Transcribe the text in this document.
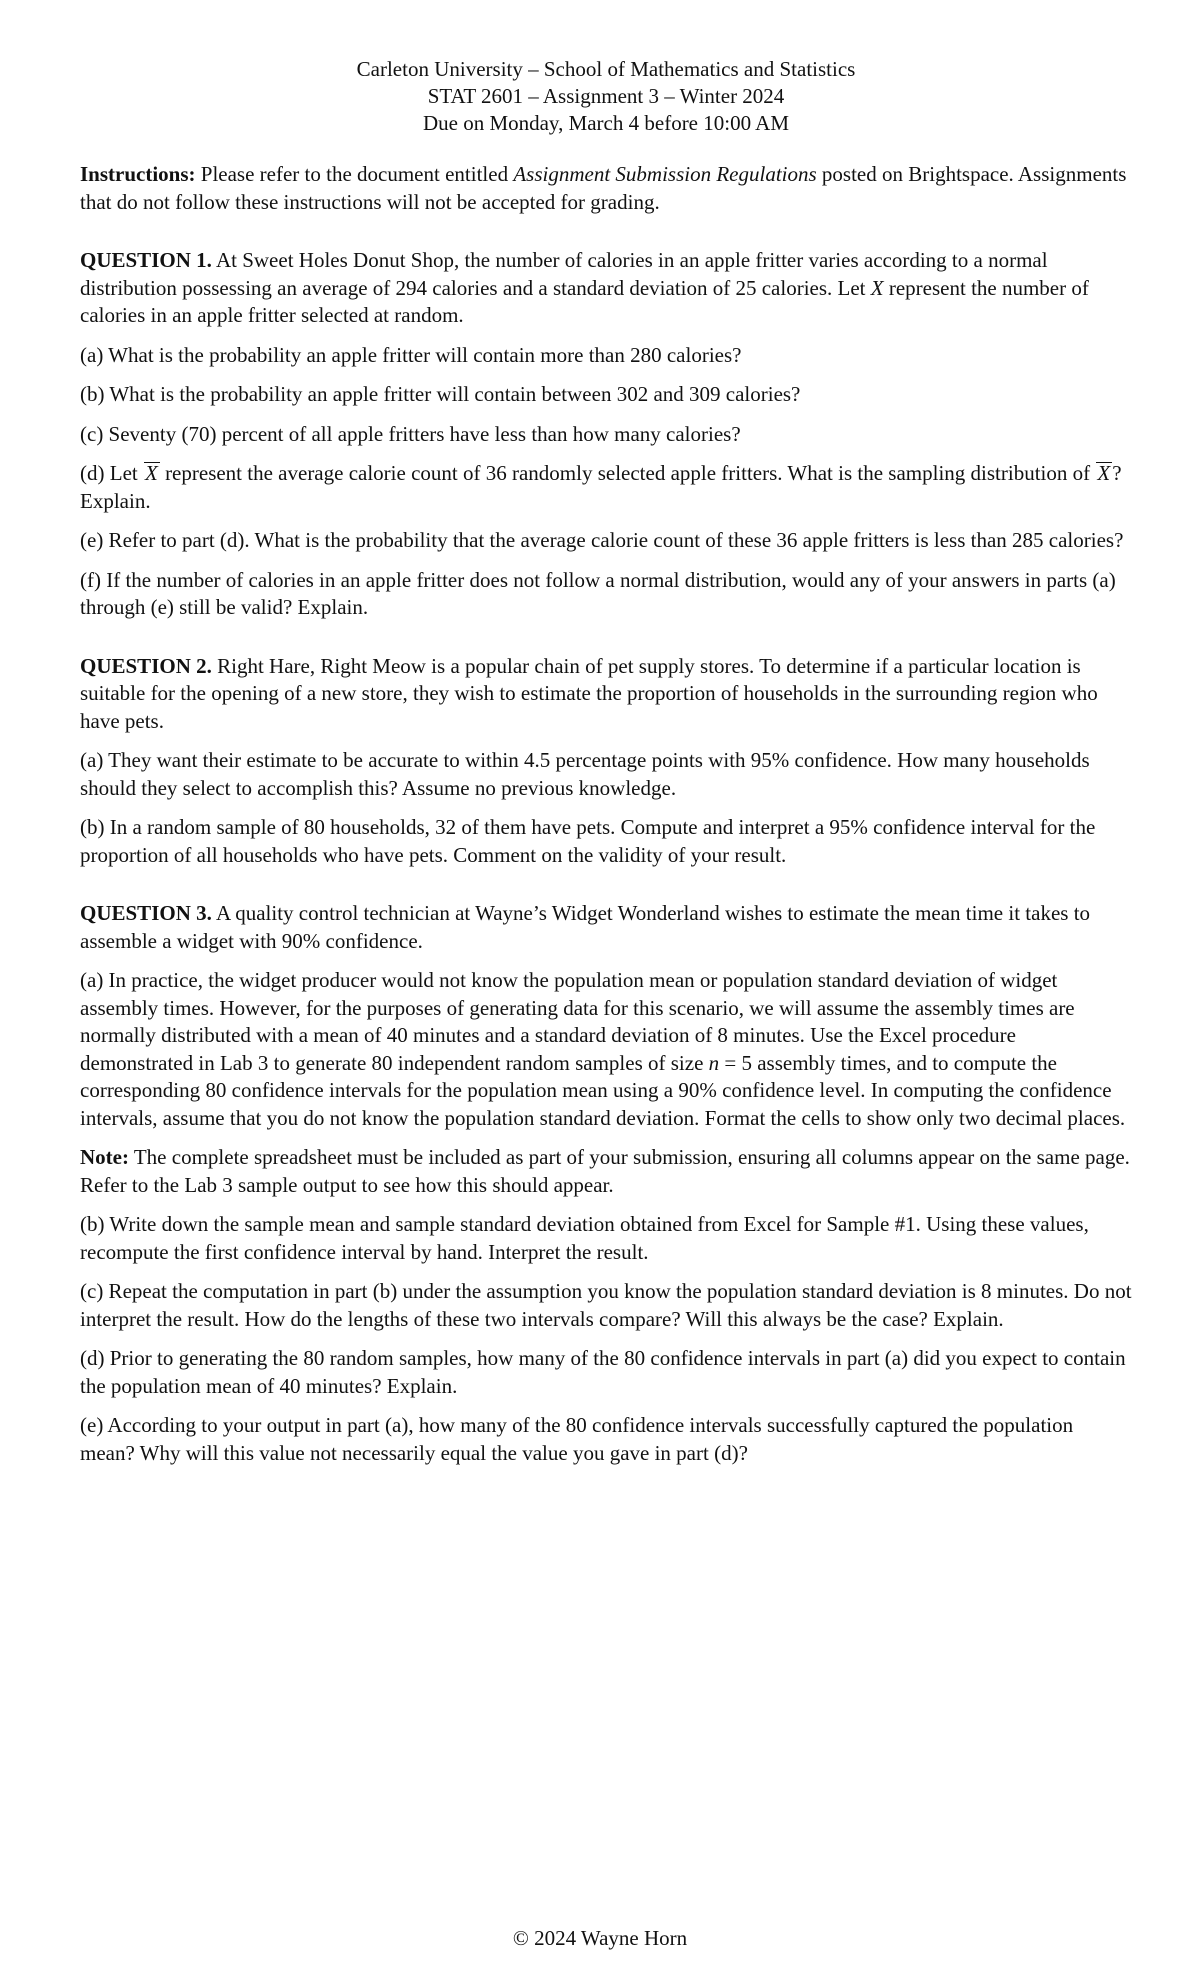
Carleton University – School of Mathematics and Statistics
STAT 2601 – Assignment 3 – Winter 2024
Due on Monday, March 4 before 10:00 AM

Instructions: Please refer to the document entitled Assignment Submission Regulations posted on Brightspace. Assignments that do not follow these instructions will not be accepted for grading.

QUESTION 1. At Sweet Holes Donut Shop, the number of calories in an apple fritter varies according to a normal distribution possessing an average of 294 calories and a standard deviation of 25 calories. Let X represent the number of calories in an apple fritter selected at random.

(a) What is the probability an apple fritter will contain more than 280 calories?

(b) What is the probability an apple fritter will contain between 302 and 309 calories?

(c) Seventy (70) percent of all apple fritters have less than how many calories?

(d) Let X represent the average calorie count of 36 randomly selected apple fritters. What is the sampling distribution of X? Explain.

(e) Refer to part (d). What is the probability that the average calorie count of these 36 apple fritters is less than 285 calories?

(f) If the number of calories in an apple fritter does not follow a normal distribution, would any of your answers in parts (a) through (e) still be valid? Explain.

QUESTION 2. Right Hare, Right Meow is a popular chain of pet supply stores. To determine if a particular location is suitable for the opening of a new store, they wish to estimate the proportion of households in the surrounding region who have pets.

(a) They want their estimate to be accurate to within 4.5 percentage points with 95% confidence. How many households should they select to accomplish this? Assume no previous knowledge.

(b) In a random sample of 80 households, 32 of them have pets. Compute and interpret a 95% confidence interval for the proportion of all households who have pets. Comment on the validity of your result.

QUESTION 3. A quality control technician at Wayne’s Widget Wonderland wishes to estimate the mean time it takes to assemble a widget with 90% confidence.

(a) In practice, the widget producer would not know the population mean or population standard deviation of widget assembly times. However, for the purposes of generating data for this scenario, we will assume the assembly times are normally distributed with a mean of 40 minutes and a standard deviation of 8 minutes. Use the Excel procedure demonstrated in Lab 3 to generate 80 independent random samples of size n = 5 assembly times, and to compute the corresponding 80 confidence intervals for the population mean using a 90% confidence level. In computing the confidence intervals, assume that you do not know the population standard deviation. Format the cells to show only two decimal places.

Note: The complete spreadsheet must be included as part of your submission, ensuring all columns appear on the same page. Refer to the Lab 3 sample output to see how this should appear.

(b) Write down the sample mean and sample standard deviation obtained from Excel for Sample #1. Using these values, recompute the first confidence interval by hand. Interpret the result.

(c) Repeat the computation in part (b) under the assumption you know the population standard deviation is 8 minutes. Do not interpret the result. How do the lengths of these two intervals compare? Will this always be the case? Explain.

(d) Prior to generating the 80 random samples, how many of the 80 confidence intervals in part (a) did you expect to contain the population mean of 40 minutes? Explain.

(e) According to your output in part (a), how many of the 80 confidence intervals successfully captured the population mean? Why will this value not necessarily equal the value you gave in part (d)?

© 2024 Wayne Horn
